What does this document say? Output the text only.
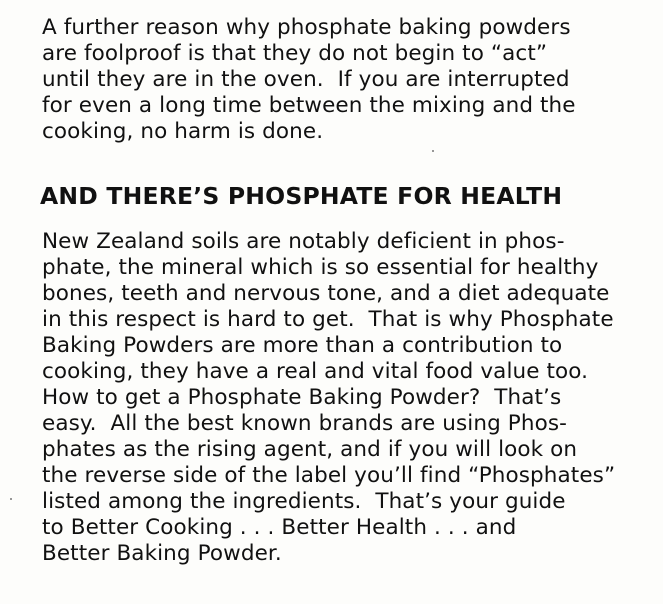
A further reason why phosphate baking powders

are foolproof is that they do not begin to “act”

until they are in the oven.  If you are interrupted

for even a long time between the mixing and the

cooking, no harm is done.

AND THERE’S PHOSPHATE FOR HEALTH

New Zealand soils are notably deficient in phos-

phate, the mineral which is so essential for healthy

bones, teeth and nervous tone, and a diet adequate

in this respect is hard to get.  That is why Phosphate

Baking Powders are more than a contribution to

cooking, they have a real and vital food value too.

How to get a Phosphate Baking Powder?  That’s

easy.  All the best known brands are using Phos-

phates as the rising agent, and if you will look on

the reverse side of the label you’ll find “Phosphates”

listed among the ingredients.  That’s your guide

to Better Cooking . . . Better Health . . . and

Better Baking Powder.
